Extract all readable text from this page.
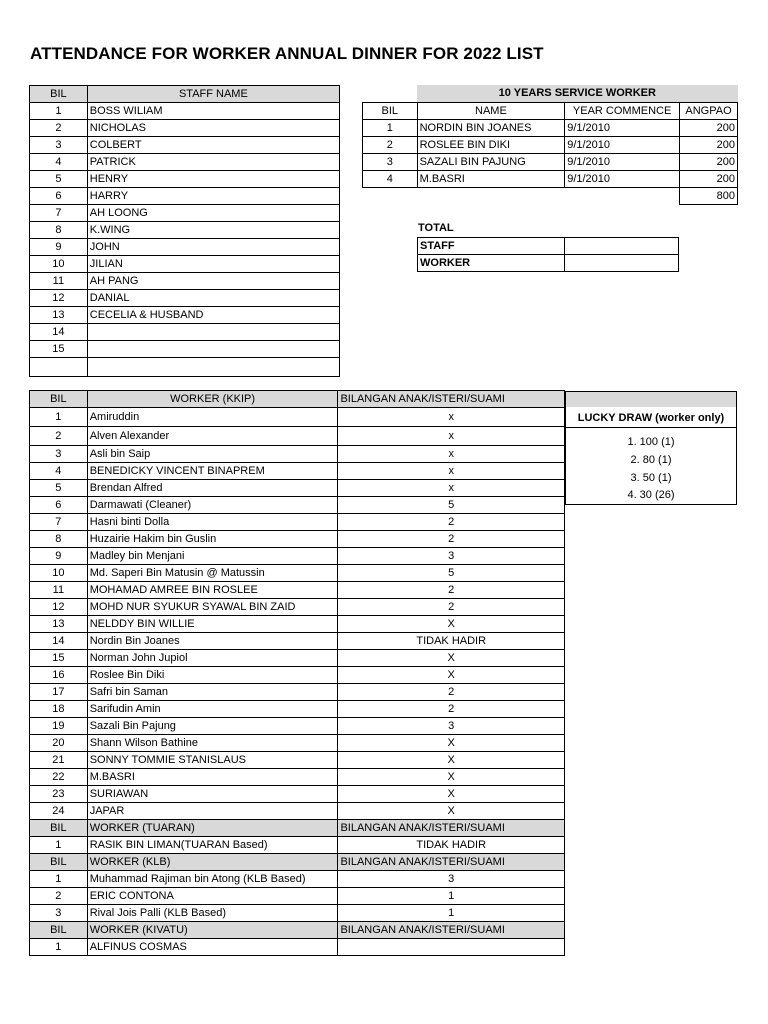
ATTENDANCE FOR WORKER ANNUAL DINNER FOR 2022 LIST
BIL	STAFF NAME
1	BOSS WILIAM
2	NICHOLAS
3	COLBERT
4	PATRICK
5	HENRY
6	HARRY
7	AH LOONG
8	K.WING
9	JOHN
10	JILIAN
11	AH PANG
12	DANIAL
13	CECELIA & HUSBAND
14	
15	

	10 YEARS SERVICE WORKER		
BIL	NAME	YEAR COMMENCE	ANGPAO
1	NORDIN BIN JOANES	9/1/2010	200
2	ROSLEE BIN DIKI	9/1/2010	200
3	SAZALI BIN PAJUNG	9/1/2010	200
4	M.BASRI	9/1/2010	200
			800
TOTAL
STAFF	
WORKER	
LUCKY DRAW (worker only)
1. 100 (1)
2. 80 (1)
3. 50 (1)
4. 30 (26)
BIL	WORKER (KKIP)	BILANGAN ANAK/ISTERI/SUAMI
1	Amiruddin	x
2	Alven Alexander	x
3	Asli bin Saip	x
4	BENEDICKY VINCENT BINAPREM	x
5	Brendan Alfred	x
6	Darmawati (Cleaner)	5
7	Hasni binti Dolla	2
8	Huzairie Hakim bin Guslin	2
9	Madley bin Menjani	3
10	Md. Saperi Bin Matusin @ Matussin	5
11	MOHAMAD AMREE BIN ROSLEE	2
12	MOHD NUR SYUKUR SYAWAL BIN ZAID	2
13	NELDDY BIN WILLIE	X
14	Nordin Bin Joanes	TIDAK HADIR
15	Norman John Jupiol	X
16	Roslee Bin Diki	X
17	Safri bin Saman	2
18	Sarifudin Amin	2
19	Sazali Bin Pajung	3
20	Shann Wilson Bathine	X
21	SONNY TOMMIE STANISLAUS	X
22	M.BASRI	X
23	SURIAWAN	X
24	JAPAR	X
BIL	WORKER (TUARAN)	BILANGAN ANAK/ISTERI/SUAMI
1	RASIK BIN LIMAN(TUARAN Based)	TIDAK HADIR
BIL	WORKER (KLB)	BILANGAN ANAK/ISTERI/SUAMI
1	Muhammad Rajiman bin Atong (KLB Based)	3
2	ERIC CONTONA	1
3	Rival Jois Palli (KLB Based)	1
BIL	WORKER (KIVATU)	BILANGAN ANAK/ISTERI/SUAMI
1	ALFINUS COSMAS	
